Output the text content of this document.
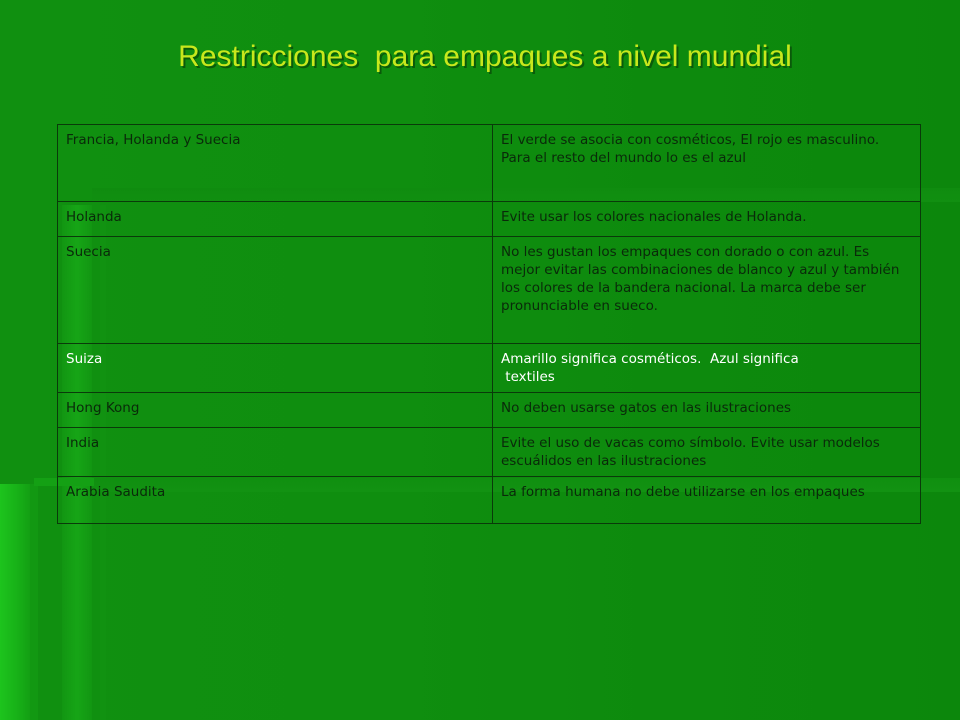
Restricciones  para empaques a nivel mundial
Francia, Holanda y Suecia	El verde se asocia con cosméticos, El rojo es masculino.  Para el resto del mundo lo es el azul

Holanda	Evite usar los colores nacionales de Holanda.

Suecia	No les gustan los empaques con dorado o con azul. Es mejor evitar las combinaciones de blanco y azul y también los colores de la bandera nacional. La marca debe ser pronunciable en sueco.

Suiza	Amarillo significa cosméticos.  Azul significa
textiles

Hong Kong	No deben usarse gatos en las ilustraciones

India	Evite el uso de vacas como símbolo. Evite usar modelos escuálidos en las ilustraciones

Arabia Saudita	La forma humana no debe utilizarse en los empaques
